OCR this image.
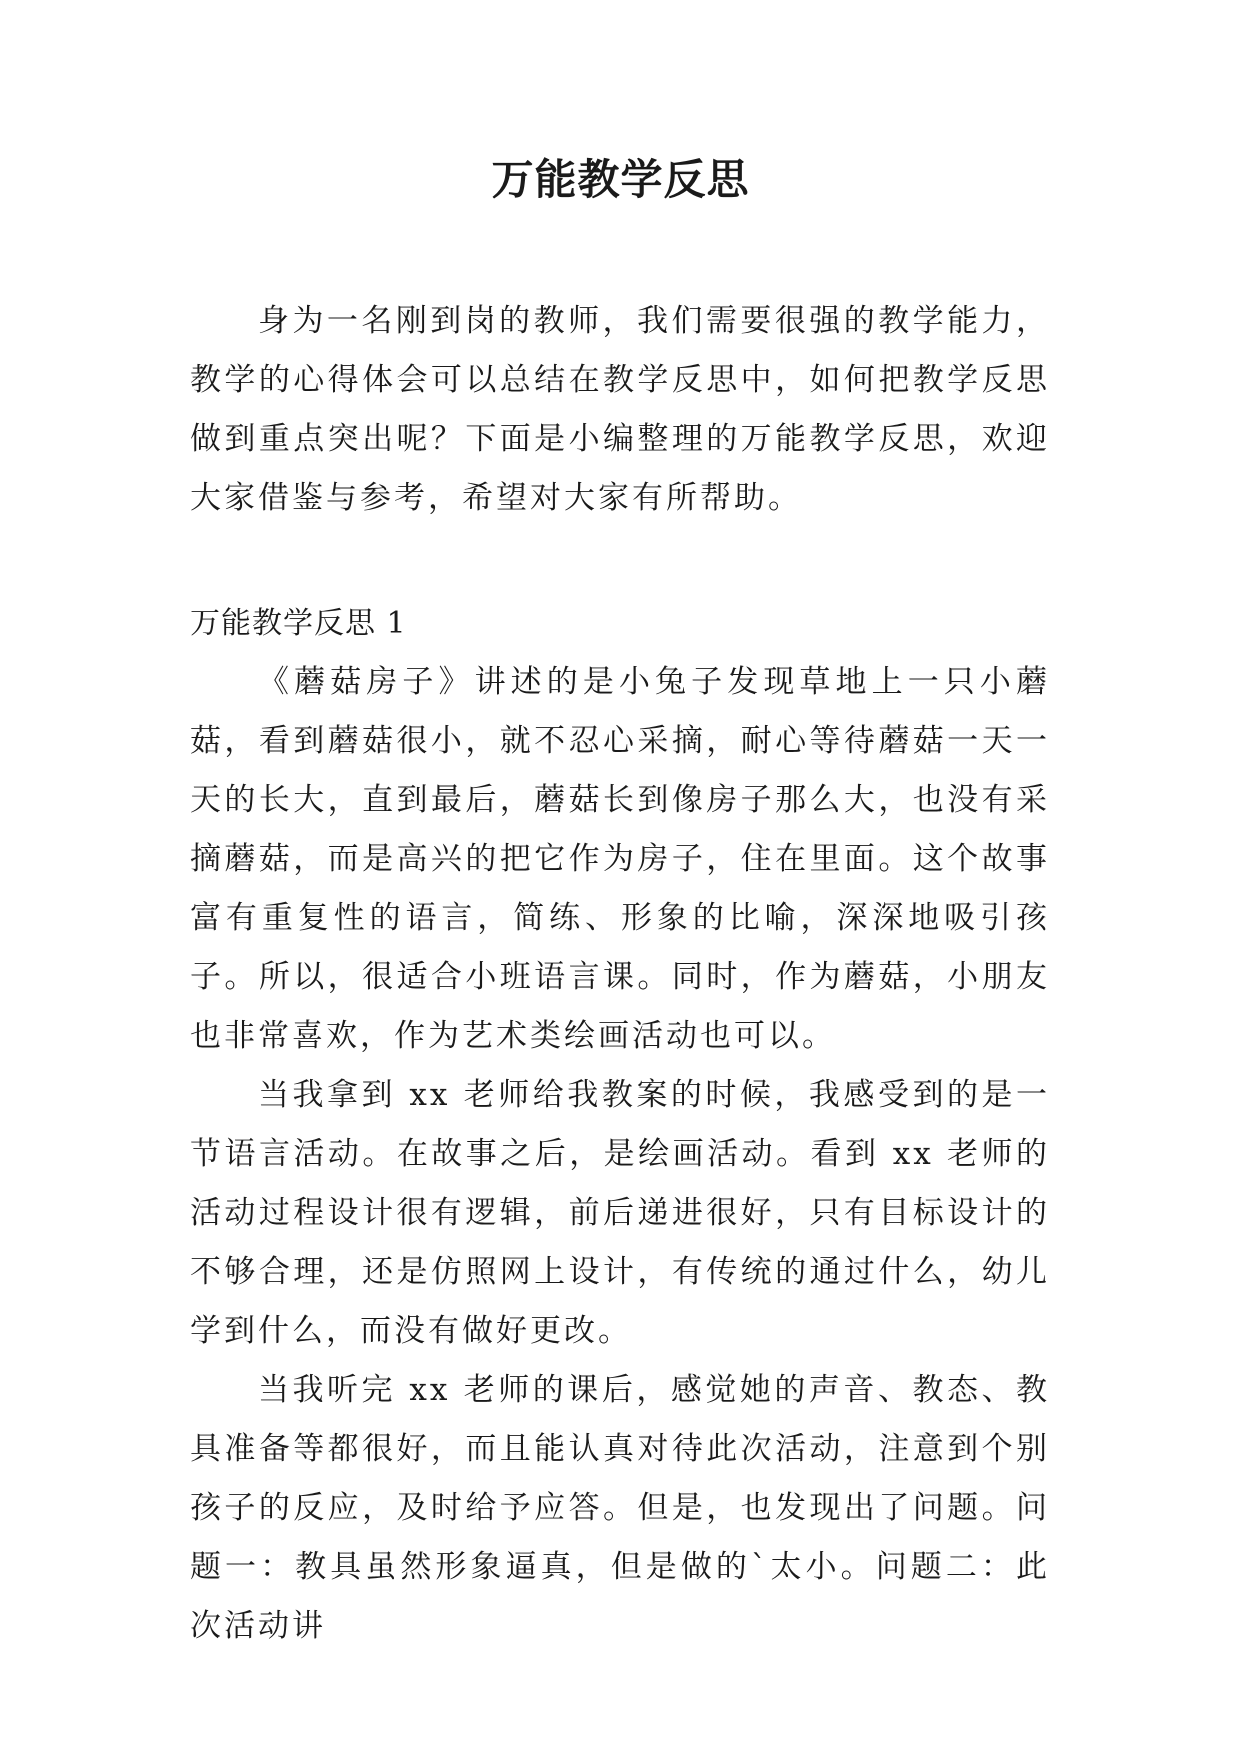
万能教学反思

身为一名刚到岗的教师，我们需要很强的教学能力，教学的心得体会可以总结在教学反思中，如何把教学反思做到重点突出呢？下面是小编整理的万能教学反思，欢迎大家借鉴与参考，希望对大家有所帮助。

万能教学反思 1

《蘑菇房子》讲述的是小兔子发现草地上一只小蘑菇，看到蘑菇很小，就不忍心采摘，耐心等待蘑菇一天一天的长大，直到最后，蘑菇长到像房子那么大，也没有采摘蘑菇，而是高兴的把它作为房子，住在里面。这个故事富有重复性的语言，简练、形象的比喻，深深地吸引孩子。所以，很适合小班语言课。同时，作为蘑菇，小朋友也非常喜欢，作为艺术类绘画活动也可以。

当我拿到 xx 老师给我教案的时候，我感受到的是一节语言活动。在故事之后，是绘画活动。看到 xx 老师的活动过程设计很有逻辑，前后递进很好，只有目标设计的不够合理，还是仿照网上设计，有传统的通过什么，幼儿学到什么，而没有做好更改。

当我听完 xx 老师的课后，感觉她的声音、教态、教具准备等都很好，而且能认真对待此次活动，注意到个别孩子的反应，及时给予应答。但是，也发现出了问题。问题一：教具虽然形象逼真，但是做的`太小。问题二：此次活动讲
